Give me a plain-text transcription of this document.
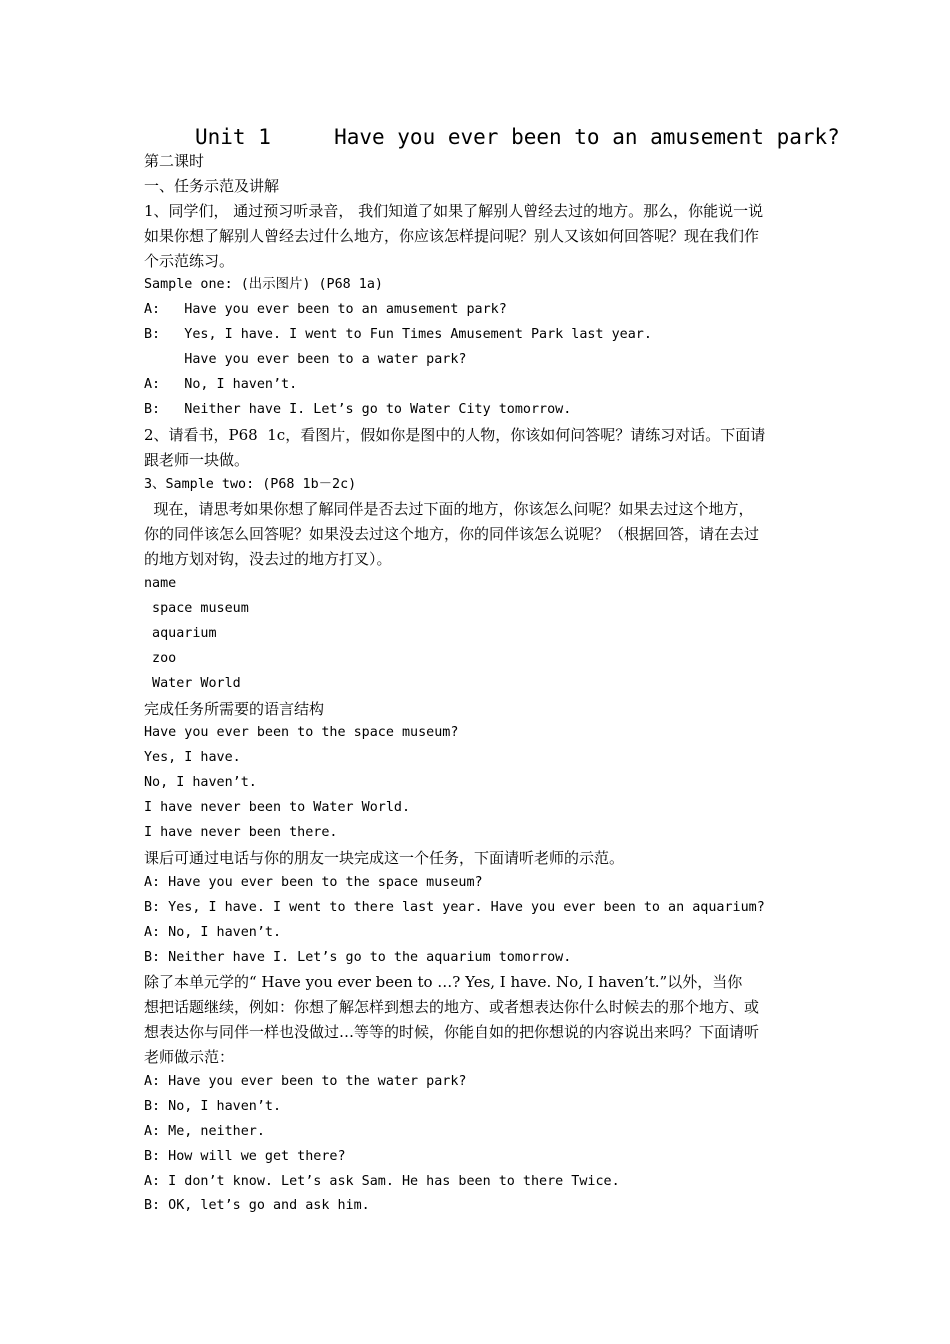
Unit 1     Have you ever been to an amusement park?
第二课时
一、任务示范及讲解
1、同学们， 通过预习听录音， 我们知道了如果了解别人曾经去过的地方。那么，你能说一说
如果你想了解别人曾经去过什么地方，你应该怎样提问呢？别人又该如何回答呢？现在我们作
个示范练习。
Sample one: (出示图片) (P68 1a)
A:   Have you ever been to an amusement park?
B:   Yes, I have. I went to Fun Times Amusement Park last year.
Have you ever been to a water park?
A:   No, I haven’t.
B:   Neither have I. Let’s go to Water City tomorrow.
2、请看书，P68  1c，看图片，假如你是图中的人物，你该如何问答呢？请练习对话。下面请
跟老师一块做。
3、Sample two: (P68 1b－2c)
现在，请思考如果你想了解同伴是否去过下面的地方，你该怎么问呢？如果去过这个地方，
你的同伴该怎么回答呢？如果没去过这个地方，你的同伴该怎么说呢？（根据回答，请在去过
的地方划对钩，没去过的地方打叉）。
name
space museum
aquarium
zoo
Water World
完成任务所需要的语言结构
Have you ever been to the space museum?
Yes, I have.
No, I haven’t.
I have never been to Water World.
I have never been there.
课后可通过电话与你的朋友一块完成这一个任务，下面请听老师的示范。
A: Have you ever been to the space museum?
B: Yes, I have. I went to there last year. Have you ever been to an aquarium?
A: No, I haven’t.
B: Neither have I. Let’s go to the aquarium tomorrow.
除了本单元学的“ Have you ever been to …? Yes, I have. No, I haven’t.”以外，当你
想把话题继续，例如：你想了解怎样到想去的地方、或者想表达你什么时候去的那个地方、或
想表达你与同伴一样也没做过…等等的时候，你能自如的把你想说的内容说出来吗？下面请听
老师做示范：
A: Have you ever been to the water park?
B: No, I haven’t.
A: Me, neither.
B: How will we get there?
A: I don’t know. Let’s ask Sam. He has been to there Twice.
B: OK, let’s go and ask him.
